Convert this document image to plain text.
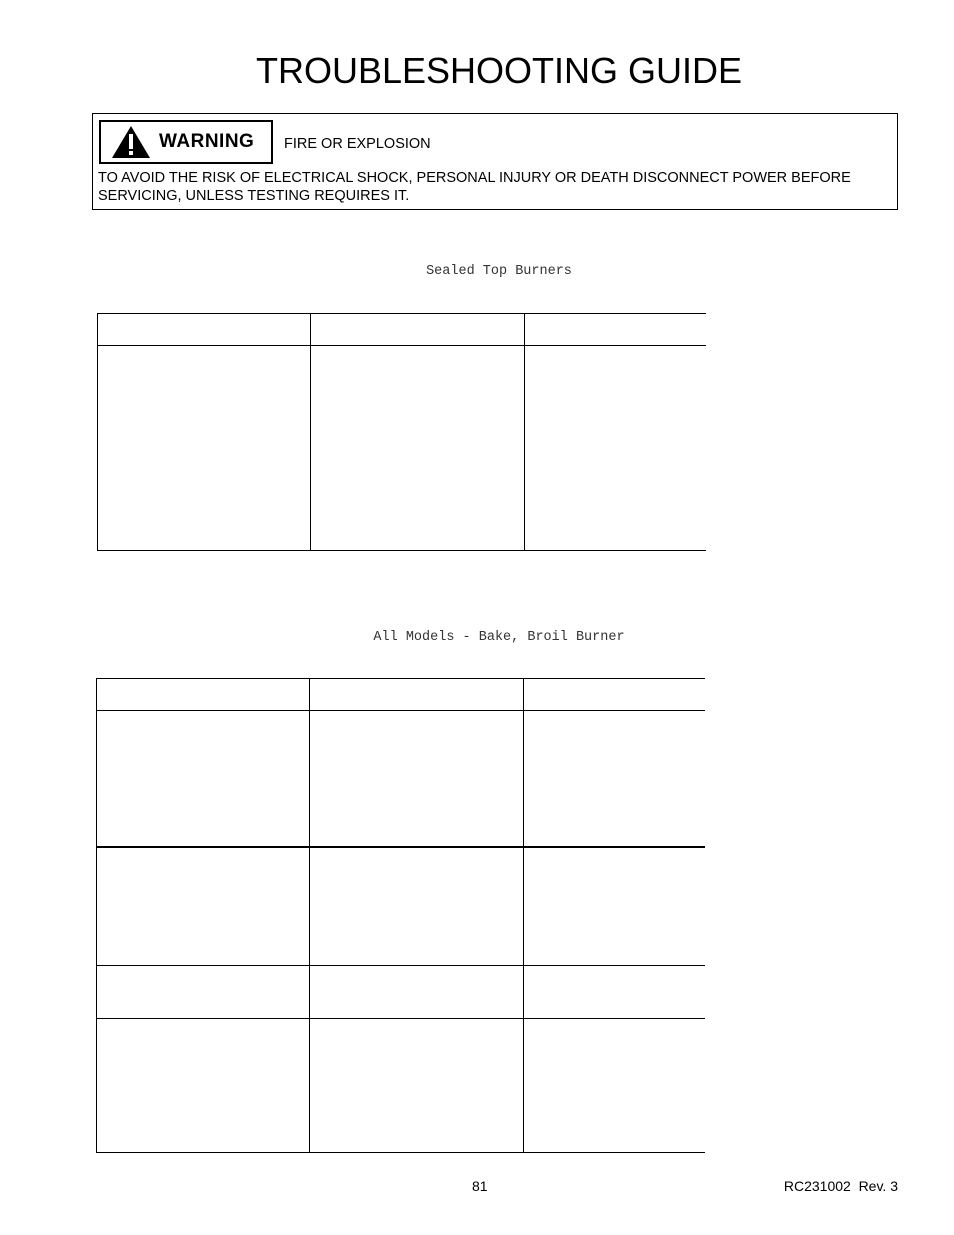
TROUBLESHOOTING GUIDE
WARNING FIRE OR EXPLOSION
TO AVOID THE RISK OF ELECTRICAL SHOCK, PERSONAL INJURY OR DEATH DISCONNECT POWER BEFORE SERVICING, UNLESS TESTING REQUIRES IT.
Sealed Top Burners
All Models - Bake, Broil Burner
81	RC231002  Rev. 3
